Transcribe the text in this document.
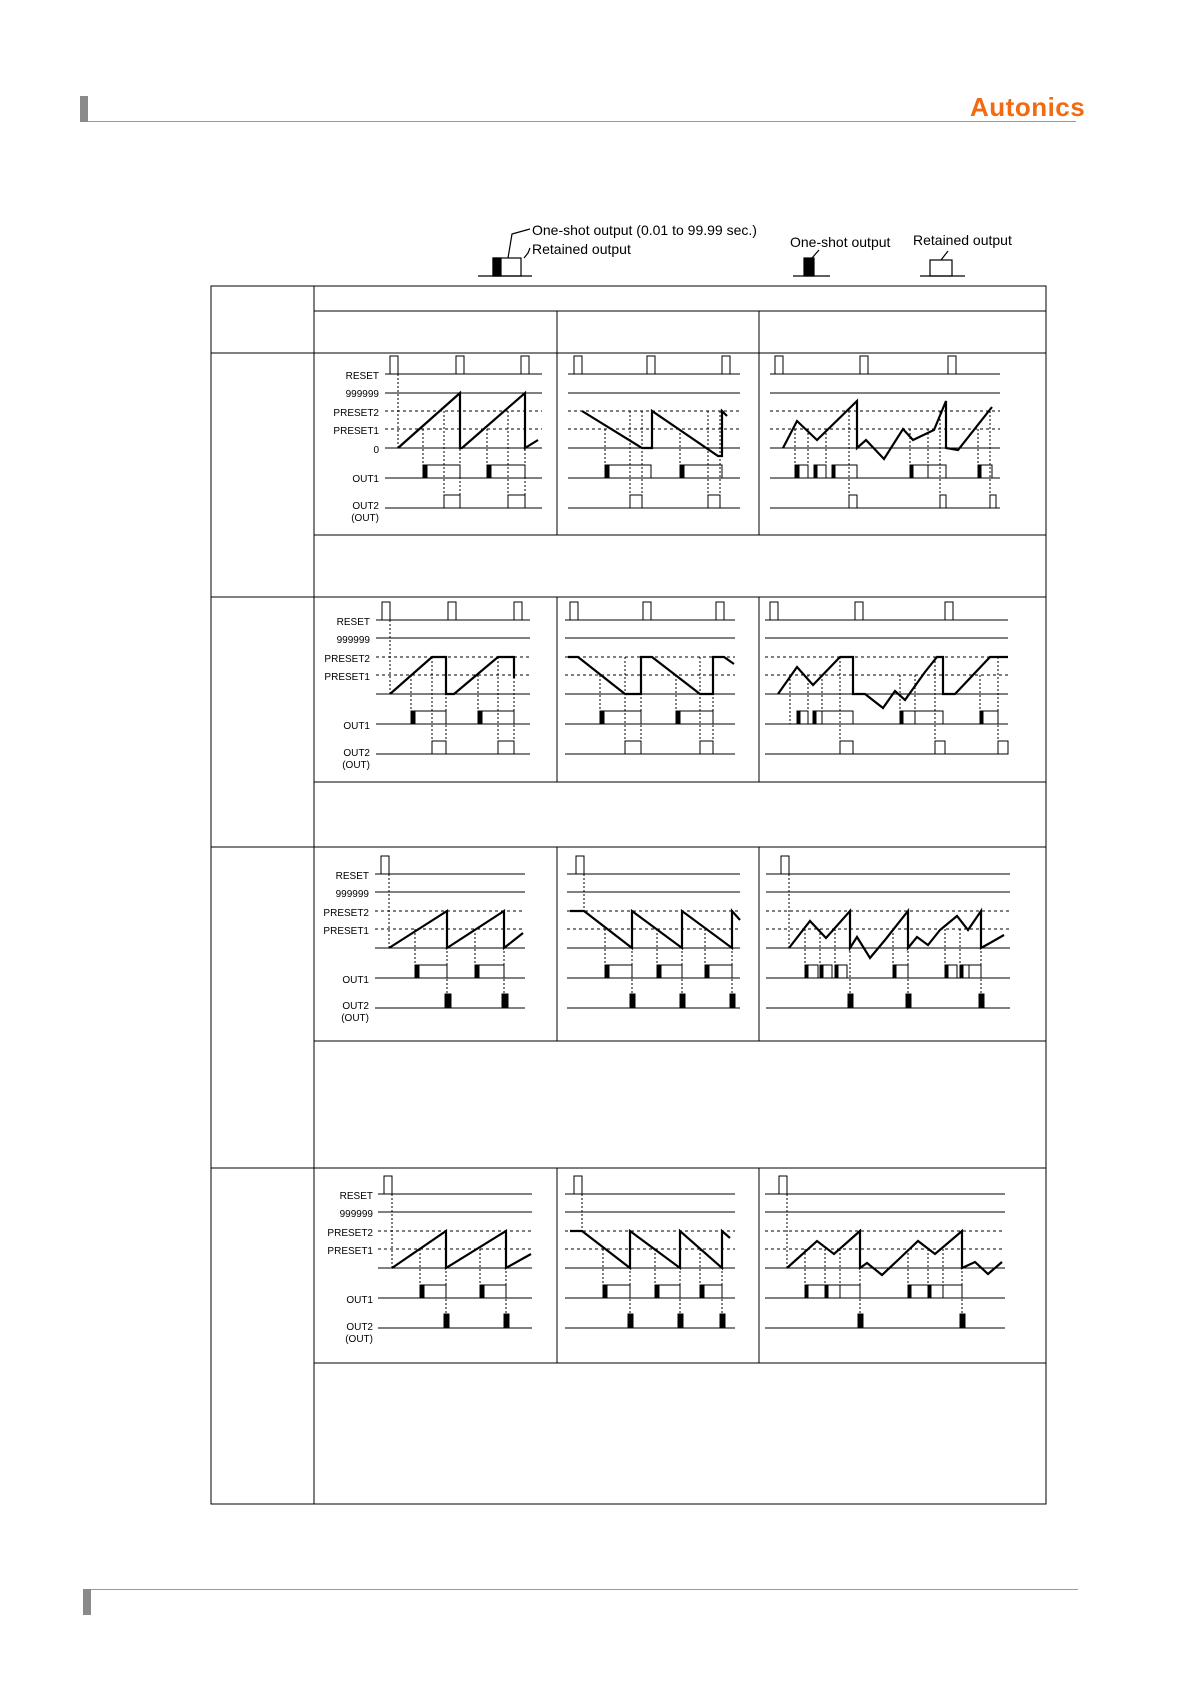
Autonics
One-shot output (0.01 to 99.99 sec.)
Retained output	One-shot output Retained output
RESET
999999
PRESET2
PRESET1
0
OUT1
OUT2
(OUT)
RESET
999999
PRESET2
PRESET1
OUT1
OUT2
(OUT)
RESET
999999
PRESET2
PRESET1
OUT1
OUT2
(OUT)
RESET
999999
PRESET2
PRESET1
OUT1
OUT2
(OUT)
